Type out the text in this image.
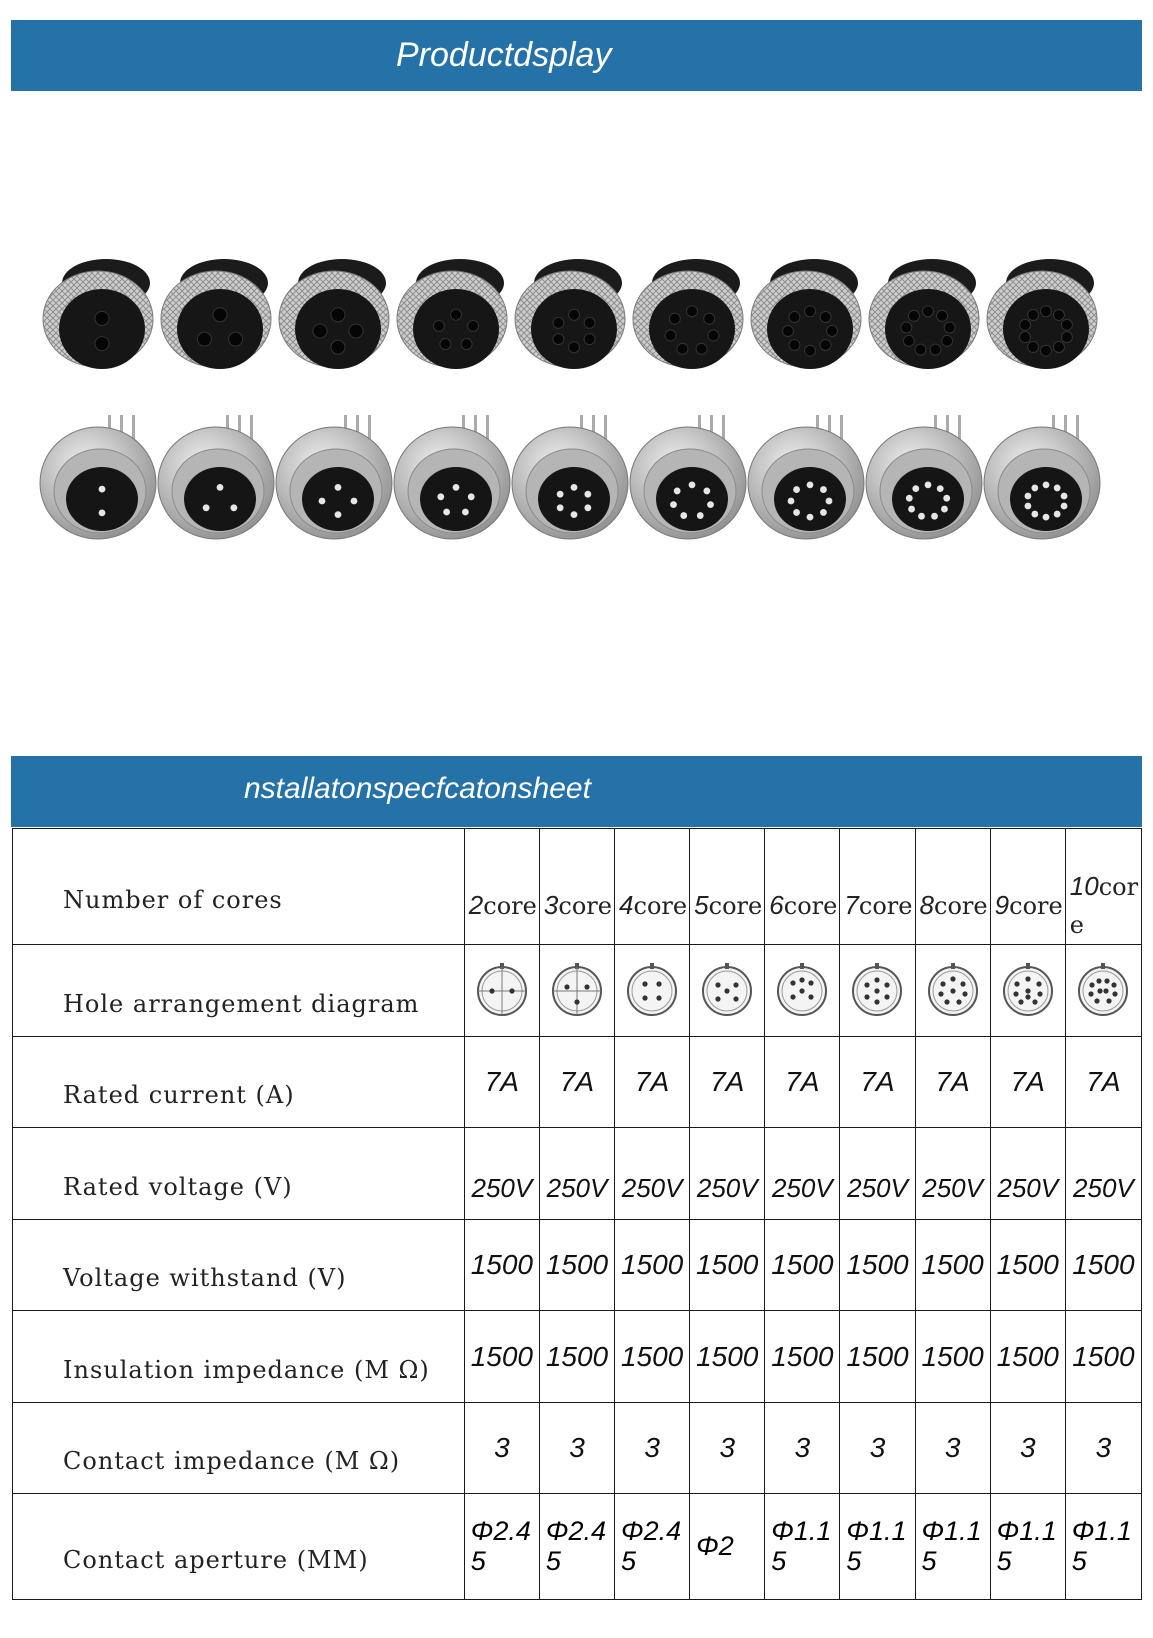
Productdsplay
nstallatonspecfcatonsheet
Number of cores	2core	3core	4core	5core	6core	7core	8core	9core	10core
Hole arrangement diagram	

Rated current (A)	7A	7A	7A	7A	7A	7A	7A	7A	7A
Rated voltage (V)	250V	250V	250V	250V	250V	250V	250V	250V	250V
Voltage withstand (V)	1500	1500	1500	1500	1500	1500	1500	1500	1500
Insulation impedance (M Ω)	1500	1500	1500	1500	1500	1500	1500	1500	1500
Contact impedance (M Ω)	3	3	3	3	3	3	3	3	3
Contact aperture (MM)	Φ2.45	Φ2.45	Φ2.45	Φ2	Φ1.15	Φ1.15	Φ1.15	Φ1.15	Φ1.15
